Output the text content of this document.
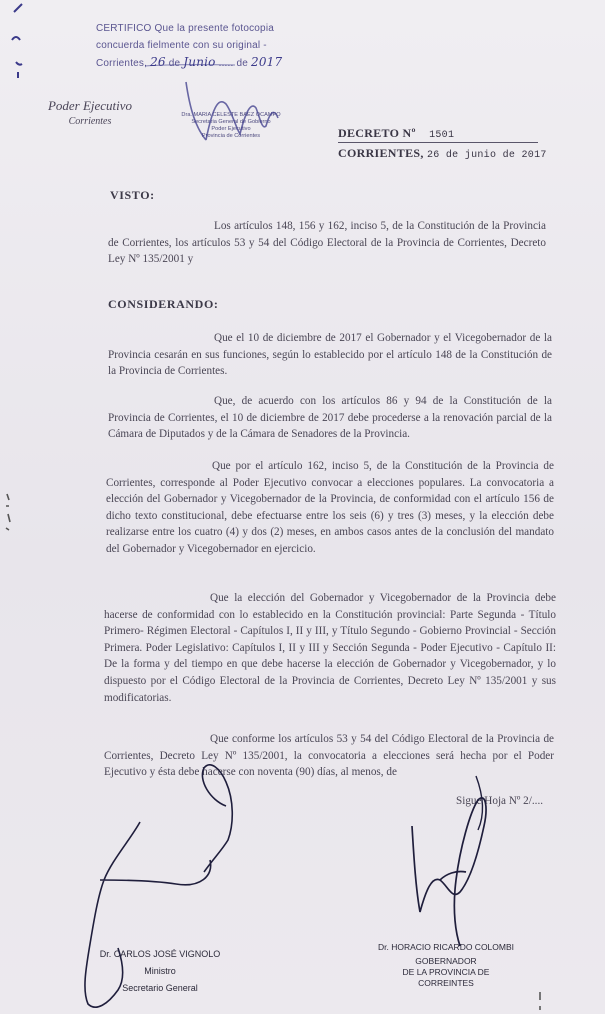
CERTIFICO Que la presente fotocopia
concuerda fielmente con su original -
Corrientes, 26 de Junio ..... de 2017
Poder Ejecutivo
Corrientes
Dra. MARIA CELESTE BAEZ OCAMPO
Secretaria General de Gobierno
Poder Ejecutivo
Provincia de Corrientes	DECRETO Nº 1501
CORRIENTES, 26 de junio de 2017
VISTO:
Los artículos 148, 156 y 162, inciso 5, de la Constitución de la Provincia de Corrientes, los artículos 53 y 54 del Código Electoral de la Provincia de Corrientes, Decreto Ley Nº 135/2001 y
CONSIDERANDO:
Que el 10 de diciembre de 2017 el Gobernador y el Vicegobernador de la Provincia cesarán en sus funciones, según lo establecido por el artículo 148 de la Constitución de la Provincia de Corrientes.
Que, de acuerdo con los artículos 86 y 94 de la Constitución de la Provincia de Corrientes, el 10 de diciembre de 2017 debe procederse a la renovación parcial de la Cámara de Diputados y de la Cámara de Senadores de la Provincia.
Que por el artículo 162, inciso 5, de la Constitución de la Provincia de Corrientes, corresponde al Poder Ejecutivo convocar a elecciones populares. La convocatoria a elección del Gobernador y Vicegobernador de la Provincia, de conformidad con el artículo 156 de dicho texto constitucional, debe efectuarse entre los seis (6) y tres (3) meses, y la elección debe realizarse entre los cuatro (4) y dos (2) meses, en ambos casos antes de la conclusión del mandato del Gobernador y Vicegobernador en ejercicio.
Que la elección del Gobernador y Vicegobernador de la Provincia debe hacerse de conformidad con lo establecido en la Constitución provincial: Parte Segunda - Título Primero- Régimen Electoral - Capítulos I, II y III, y Título Segundo - Gobierno Provincial - Sección Primera. Poder Legislativo: Capítulos I, II y III y Sección Segunda - Poder Ejecutivo - Capítulo II: De la forma y del tiempo en que debe hacerse la elección de Gobernador y Vicegobernador, y lo dispuesto por el Código Electoral de la Provincia de Corrientes, Decreto Ley Nº 135/2001 y sus modificatorias.
Que conforme los artículos 53 y 54 del Código Electoral de la Provincia de Corrientes, Decreto Ley Nº 135/2001, la convocatoria a elecciones será hecha por el Poder Ejecutivo y ésta debe hacerse con noventa (90) días, al menos, de
Sigue Hoja Nº 2/....
Dr. CARLOS JOSÉ VIGNOLO
Ministro
Secretario General
Dr. HORACIO RICARDO COLOMBI
GOBERNADOR
DE LA PROVINCIA DE CORREINTES
